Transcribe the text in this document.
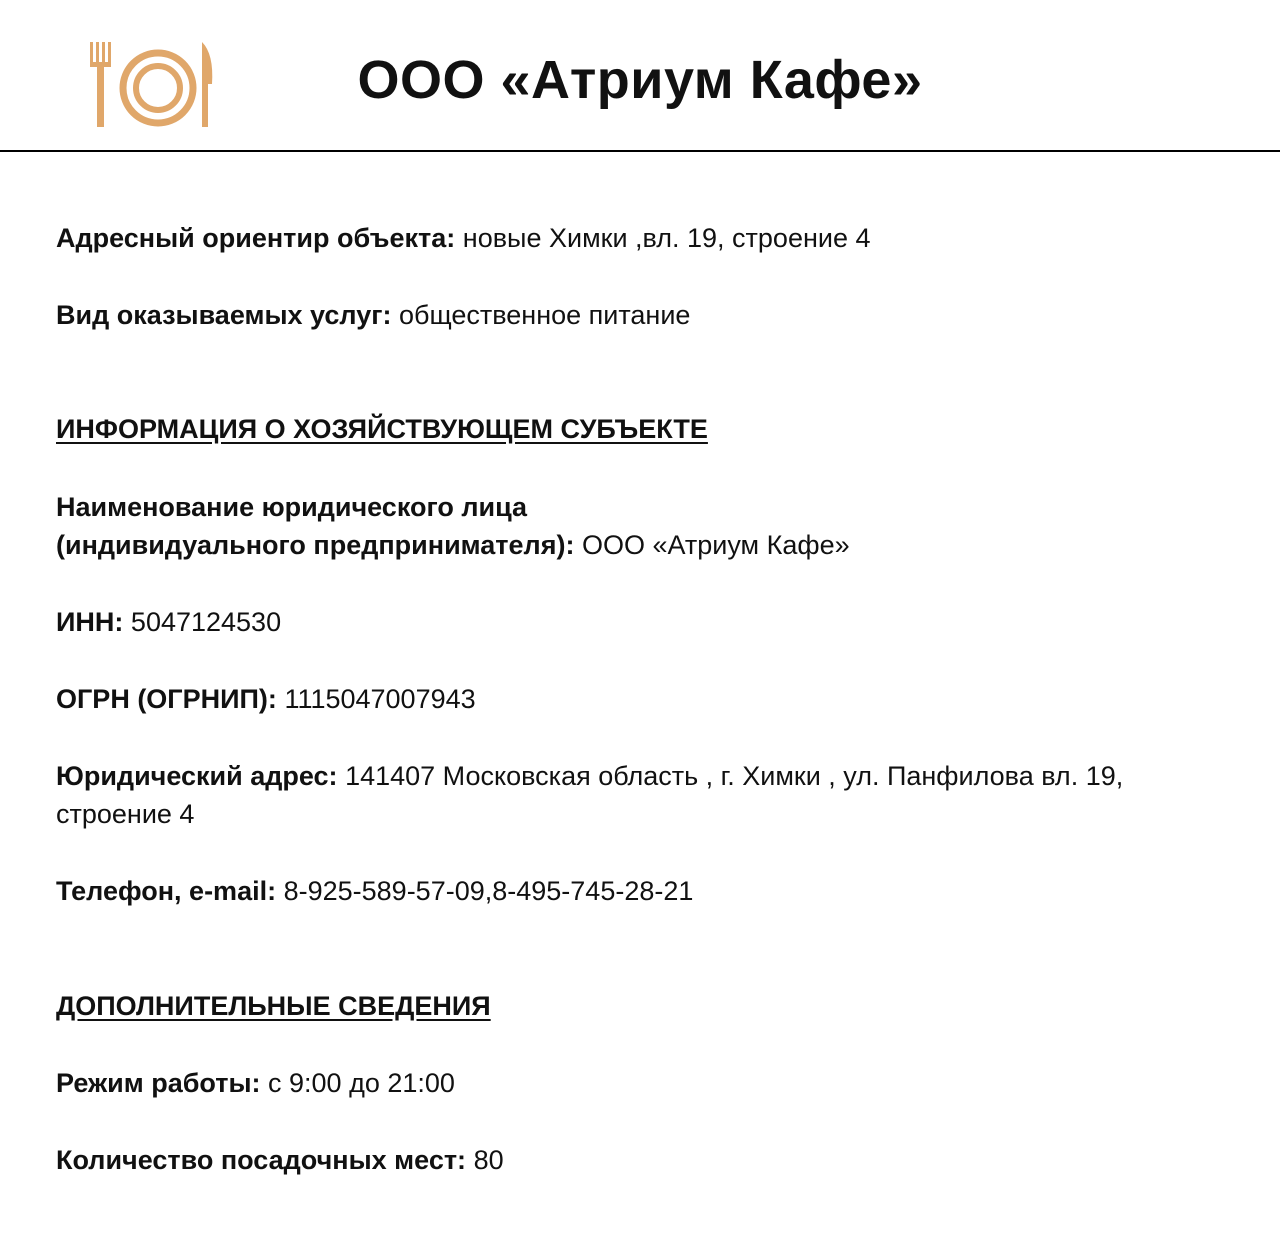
ООО «Атриум Кафе»
Адресный ориентир объекта: новые Химки ,вл. 19, строение 4
Вид оказываемых услуг: общественное питание
ИНФОРМАЦИЯ О ХОЗЯЙСТВУЮЩЕМ СУБЪЕКТЕ
Наименование юридического лица
(индивидуального предпринимателя): ООО «Атриум Кафе»
ИНН: 5047124530
ОГРН (ОГРНИП): 1115047007943
Юридический адрес: 141407 Московская область , г. Химки , ул. Панфилова вл. 19, строение 4
Телефон, e-mail: 8-925-589-57-09,8-495-745-28-21
ДОПОЛНИТЕЛЬНЫЕ СВЕДЕНИЯ
Режим работы: с 9:00 до 21:00
Количество посадочных мест: 80
